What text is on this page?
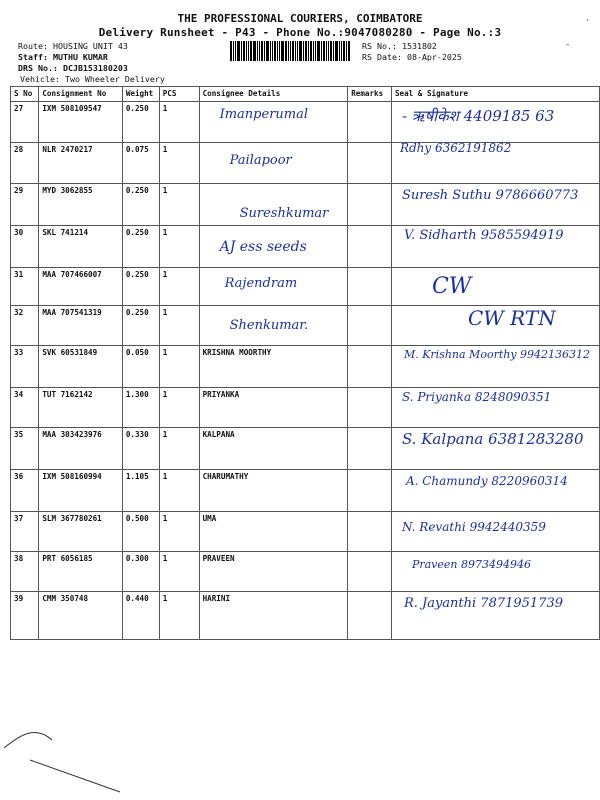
THE PROFESSIONAL COURIERS, COIMBATORE
Delivery Runsheet - P43 - Phone No.:9047080280 - Page No.:3
Route: HOUSING UNIT 43
Staff: MUTHU KUMAR
DRS No.: DCJB153180203
Vehicle: Two Wheeler Delivery
RS No.: 1531802
RS Date: 08-Apr-2025
·
-
S No	Consignment No	Weight	PCS	Consignee Details	Remarks	Seal & Signature
27	IXM 508109547	0.250	1	Imanperumal		- ऋषीकेश 4409185 63

28	NLR 2470217	0.075	1	Pailapoor		Rdhy 6362191862

29	MYD 3062855	0.250	1	Sureshkumar		Suresh Suthu 9786660773

30	SKL 741214	0.250	1	AJ ess seeds		V. Sidharth 9585594919

31	MAA 707466007	0.250	1	Rajendram		CW

32	MAA 707541319	0.250	1	Shenkumar.		CW RTN

33	SVK 60531849	0.050	1	KRISHNA MOORTHY		M. Krishna Moorthy 9942136312

34	TUT 7162142	1.300	1	PRIYANKA		S. Priyanka 8248090351

35	MAA 303423976	0.330	1	KALPANA		S. Kalpana 6381283280

36	IXM 508160994	1.105	1	CHARUMATHY		A. Chamundy 8220960314

37	SLM 367780261	0.500	1	UMA		N. Revathi 9942440359

38	PRT 6056185	0.300	1	PRAVEEN		Praveen 8973494946

39	CMM 350748	0.440	1	HARINI		R. Jayanthi 7871951739
